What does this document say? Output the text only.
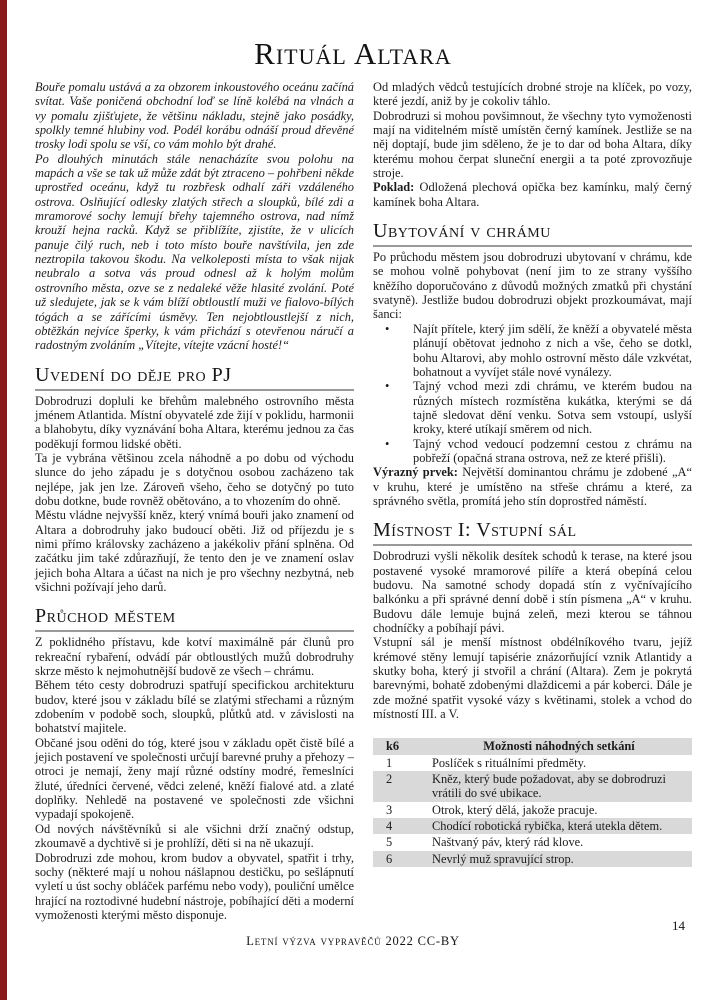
Rituál Altara

Bouře pomalu ustává a za obzorem inkoustového oceánu začíná svítat. Vaše poničená obchodní loď se líně kolébá na vlnách a vy pomalu zjišťujete, že většinu nákladu, stejně jako posádky, spolkly temné hlubiny vod. Podél korábu odnáší proud dřevěné trosky lodi spolu se vší, co vám mohlo být drahé.

Po dlouhých minutách stále nenacházíte svou polohu na mapách a vše se tak už může zdát být ztraceno – pohřbeni někde uprostřed oceánu, když tu rozbřesk odhalí záři vzdáleného ostrova. Oslňující odlesky zlatých střech a sloupků, bílé zdi a mramorové sochy lemují břehy tajemného ostrova, nad nímž krouží hejna racků. Když se přiblížíte, zjistíte, že v ulicích panuje čilý ruch, neb i toto místo bouře navštívila, jen zde neztropila takovou škodu. Na velkoleposti místa to však nijak neubralo a sotva vás proud odnesl až k holým molům ostrovního města, ozve se z nedaleké věže hlasité zvolání. Poté už sledujete, jak se k vám blíží obtloustlí muži ve fialovo-bílých tógách a se zářícími úsměvy. Ten nejobtloustlejší z nich, obtěžkán nejvíce šperky, k vám přichází s otevřenou náručí a radostným zvoláním „Vítejte, vítejte vzácní hosté!“

Uvedení do děje pro PJ

Dobrodruzi dopluli ke břehům malebného ostrovního města jménem Atlantida. Místní obyvatelé zde žijí v poklidu, harmonii a blahobytu, díky vyznávání boha Altara, kterému jednou za čas poděkují formou lidské oběti.

Ta je vybrána většinou zcela náhodně a po dobu od východu slunce do jeho západu je s dotyčnou osobou zacházeno tak nejlépe, jak jen lze. Zároveň všeho, čeho se dotyčný po tuto dobu dotkne, bude rovněž obětováno, a to vhozením do ohně.

Městu vládne nejvyšší kněz, který vnímá bouři jako znamení od Altara a dobrodruhy jako budoucí oběti. Již od příjezdu je s nimi přímo královsky zacházeno a jakékoliv přání splněna. Od začátku jim také zdůrazňují, že tento den je ve znamení oslav jejich boha Altara a účast na nich je pro všechny nezbytná, neb všichni požívají jeho darů.

Průchod městem

Z poklidného přístavu, kde kotví maximálně pár člunů pro rekreační rybaření, odvádí pár obtloustlých mužů dobrodruhy skrze město k nejmohutnější budově ze všech – chrámu.

Během této cesty dobrodruzi spatřují specifickou architekturu budov, které jsou v základu bílé se zlatými střechami a různým zdobením v podobě soch, sloupků, plůtků atd. v závislosti na bohatství majitele.

Občané jsou oděni do tóg, které jsou v základu opět čistě bílé a jejich postavení ve společnosti určují barevné pruhy a přehozy – otroci je nemají, ženy mají různé odstíny modré, řemeslníci žluté, úředníci červené, vědci zelené, kněží fialové atd. a zlaté doplňky. Nehledě na postavené ve společnosti zde všichni vypadají spokojeně.

Od nových návštěvníků si ale všichni drží značný odstup, zkoumavě a dychtivě si je prohlíží, děti si na ně ukazují.

Dobrodruzi zde mohou, krom budov a obyvatel, spatřit i trhy, sochy (některé mají u nohou nášlapnou destičku, po sešlápnutí vyletí u úst sochy obláček parfému nebo vody), pouliční umělce hrající na roztodivné hudební nástroje, pobíhající děti a moderní vymoženosti kterými město disponuje.

Od mladých vědců testujících drobné stroje na klíček, po vozy, které jezdí, aniž by je cokoliv táhlo.

Dobrodruzi si mohou povšimnout, že všechny tyto vymoženosti mají na viditelném místě umístěn černý kamínek. Jestliže se na něj doptají, bude jim sděleno, že je to dar od boha Altara, díky kterému mohou čerpat sluneční energii a ta poté zprovozňuje stroje.

Poklad: Odložená plechová opička bez kamínku, malý černý kamínek boha Altara.

Ubytování v chrámu

Po průchodu městem jsou dobrodruzi ubytovaní v chrámu, kde se mohou volně pohybovat (není jim to ze strany vyššího kněžího doporučováno z důvodů možných zmatků při chystání svatyně). Jestliže budou dobrodruzi objekt prozkoumávat, mají šanci:

• Najít přítele, který jim sdělí, že kněží a obyvatelé města plánují obětovat jednoho z nich a vše, čeho se dotkl, bohu Altarovi, aby mohlo ostrovní město dále vzkvétat, bohatnout a vyvíjet stále nové vynálezy.
• Tajný vchod mezi zdi chrámu, ve kterém budou na různých místech rozmístěna kukátka, kterými se dá tajně sledovat dění venku. Sotva sem vstoupí, uslyší kroky, které utíkají směrem od nich.
• Tajný vchod vedoucí podzemní cestou z chrámu na pobřeží (opačná strana ostrova, než ze které přišli).

Výrazný prvek: Největší dominantou chrámu je zdobené „A“ v kruhu, které je umístěno na střeše chrámu a které, za správného světla, promítá jeho stín doprostřed náměstí.

Místnost I: Vstupní sál

Dobrodruzi vyšli několik desítek schodů k terase, na které jsou postavené vysoké mramorové pilíře a která obepíná celou budovu. Na samotné schody dopadá stín z vyčnívajícího balkónku a při správné denní době i stín písmena „A“ v kruhu. Budovu dále lemuje bujná zeleň, mezi kterou se táhnou chodníčky a pobíhají pávi.

Vstupní sál je menší místnost obdélníkového tvaru, jejíž krémové stěny lemují tapisérie znázorňující vznik Atlantidy a skutky boha, který ji stvořil a chrání (Altara). Zem je pokrytá barevnými, bohatě zdobenými dlaždicemi a pár koberci. Dále je zde možné spatřit vysoké vázy s květinami, stolek a vchod do místností III. a V.

k6	Možnosti náhodných setkání
1	Poslíček s rituálními předměty.
2	Kněz, který bude požadovat, aby se dobrodruzi vrátili do své ubikace.
3	Otrok, který dělá, jakože pracuje.
4	Chodící robotická rybička, která utekla dětem.
5	Naštvaný páv, který rád klove.
6	Nevrlý muž spravující strop.
14
Letní výzva vypravěčů 2022 CC-BY
